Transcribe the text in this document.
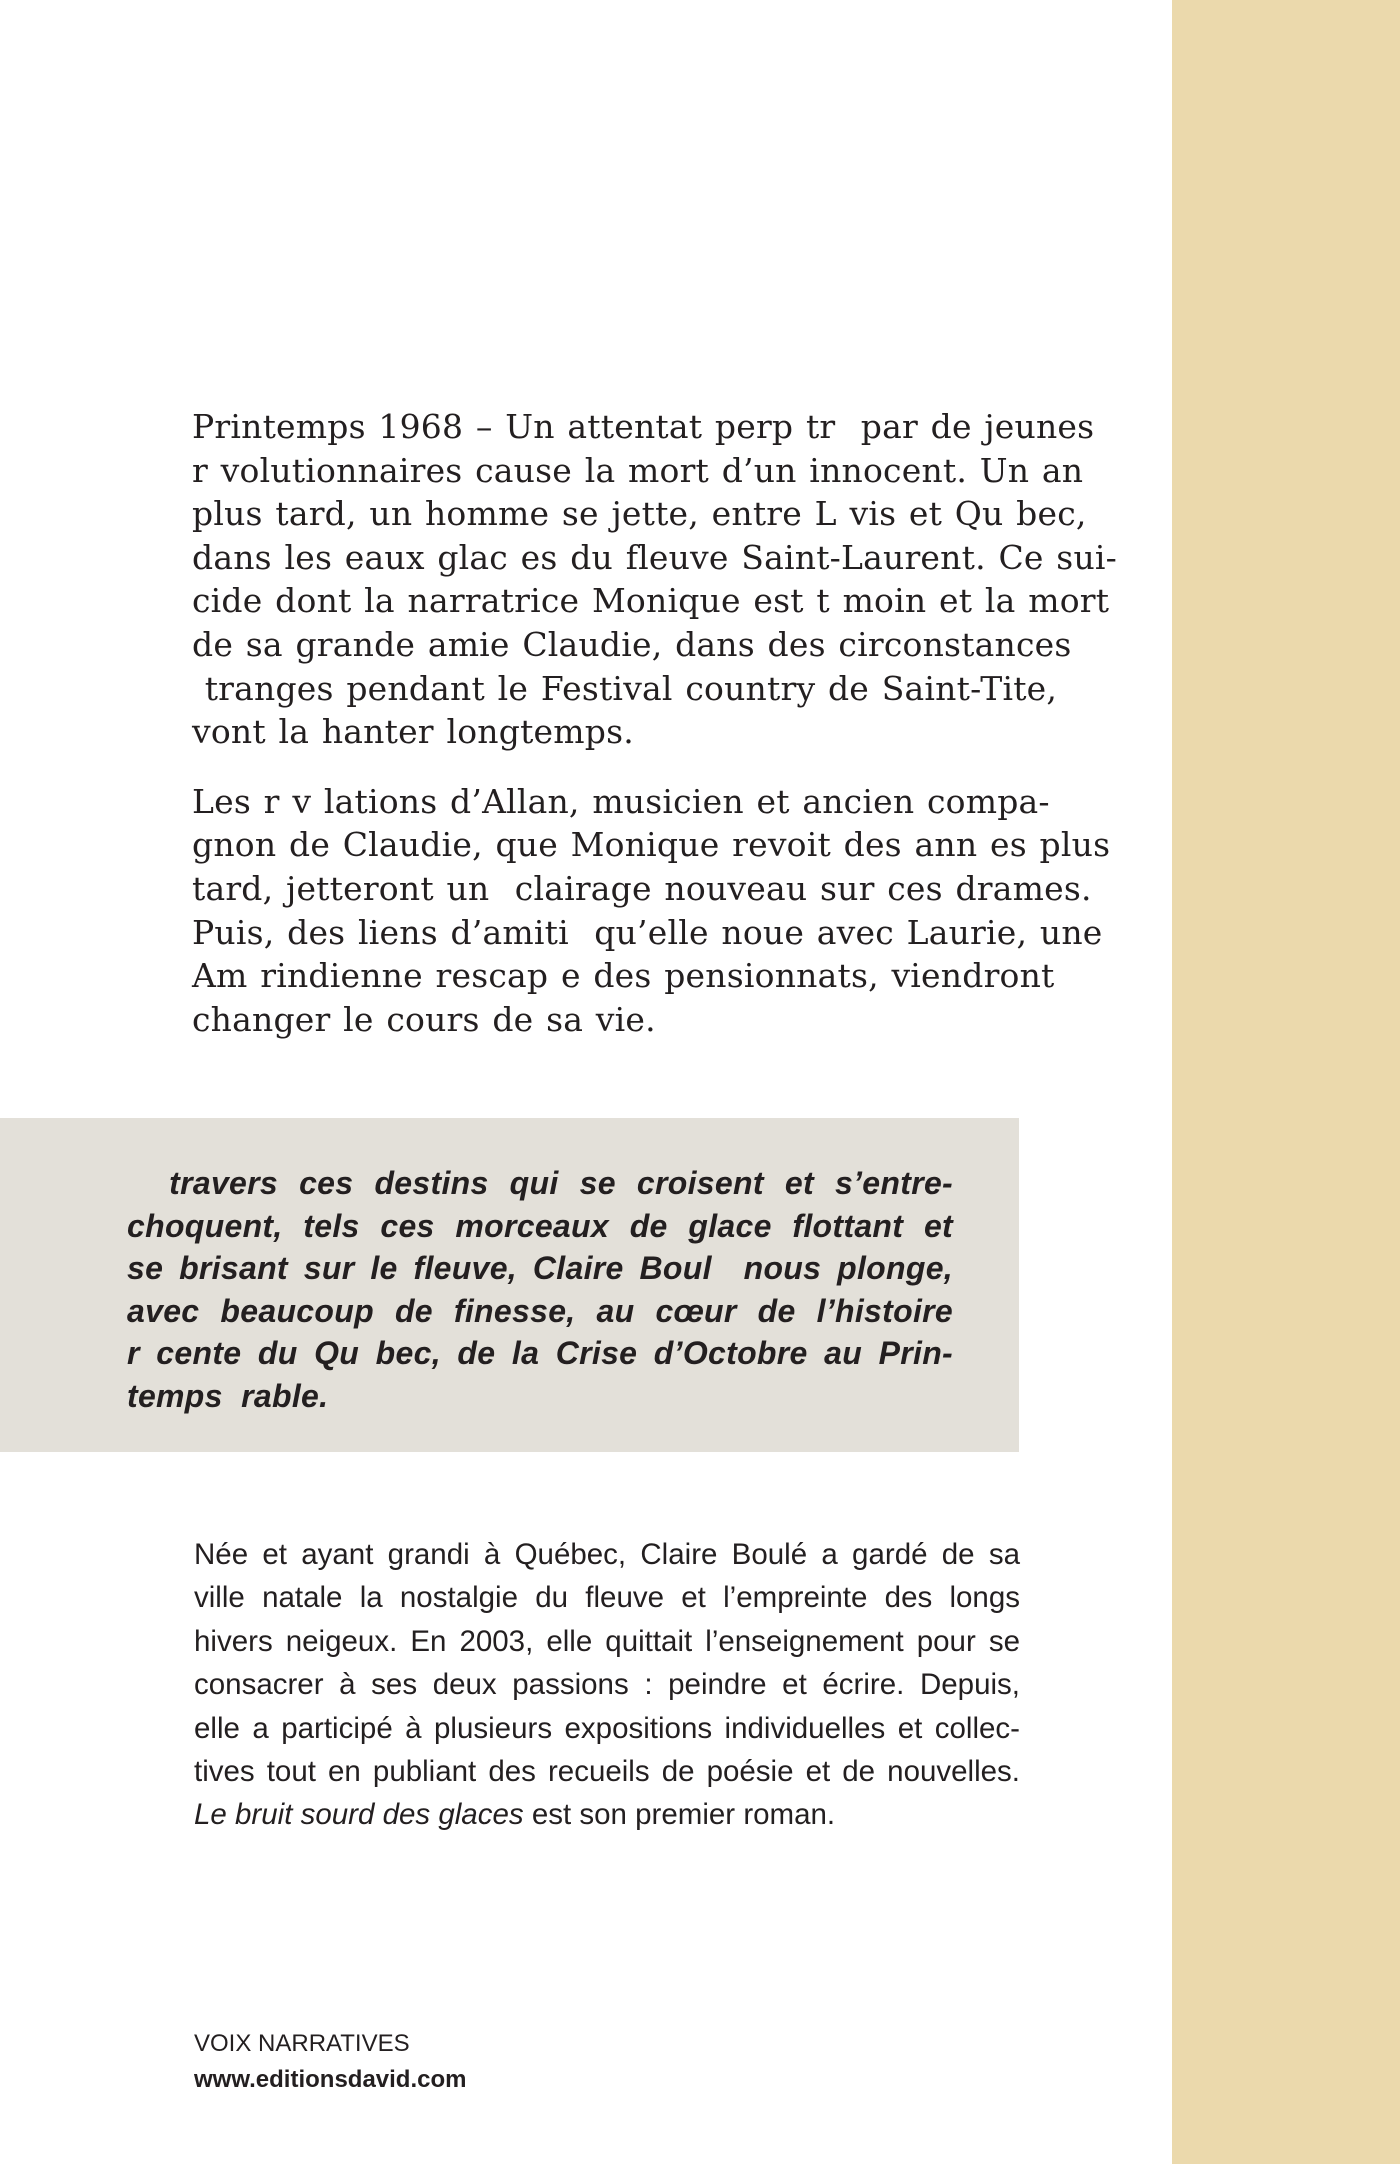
Printemps 1968 – Un attentat perp tr  par de jeunes
r volutionnaires cause la mort d’un innocent. Un an
plus tard, un homme se jette, entre L vis et Qu bec,
dans les eaux glac es du fleuve Saint-Laurent. Ce sui-
cide dont la narratrice Monique est t moin et la mort
de sa grande amie Claudie, dans des circonstances
tranges pendant le Festival country de Saint-Tite,
vont la hanter longtemps.

Les r v lations d’Allan, musicien et ancien compa-
gnon de Claudie, que Monique revoit des ann es plus
tard, jetteront un  clairage nouveau sur ces drames.
Puis, des liens d’amiti  qu’elle noue avec Laurie, une
Am rindienne rescap e des pensionnats, viendront
changer le cours de sa vie.

travers ces destins qui se croisent et s’entre-
choquent, tels ces morceaux de glace flottant et
se brisant sur le fleuve, Claire Boul  nous plonge,
avec beaucoup de finesse, au cœur de l’histoire
r cente du Qu bec, de la Crise d’Octobre au Prin-
temps  rable.
Née et ayant grandi à Québec, Claire Boulé a gardé de sa
ville natale la nostalgie du fleuve et l’empreinte des longs
hivers neigeux. En 2003, elle quittait l’enseignement pour se
consacrer à ses deux passions : peindre et écrire. Depuis,
elle a participé à plusieurs expositions individuelles et collec-
tives tout en publiant des recueils de poésie et de nouvelles.
Le bruit sourd des glaces est son premier roman.
VOIX NARRATIVES
www.editionsdavid.com
